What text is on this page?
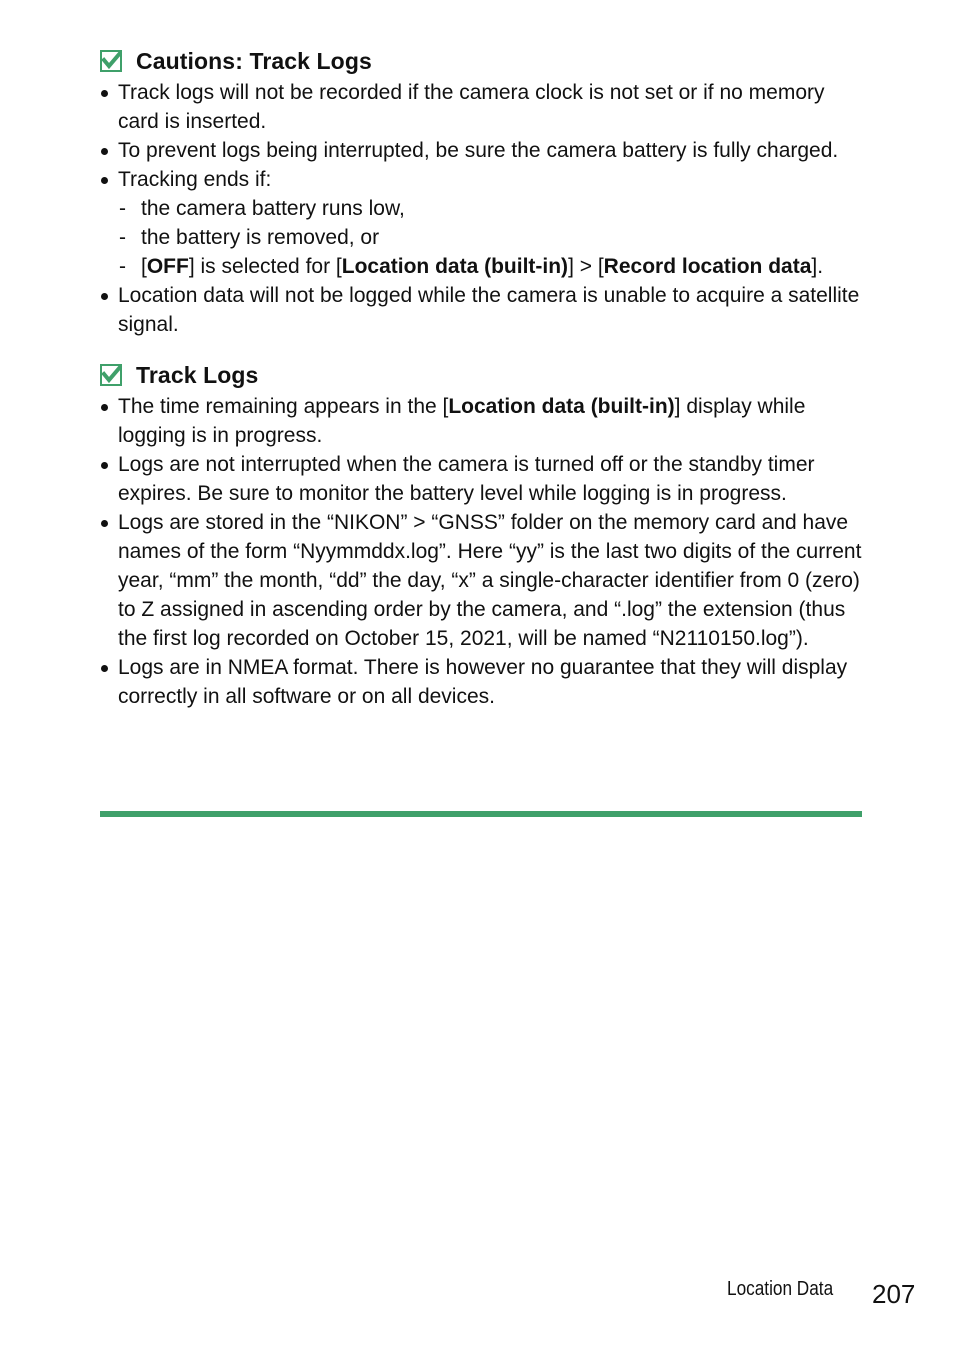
Cautions: Track Logs
Track logs will not be recorded if the camera clock is not set or if no memory card is inserted.
To prevent logs being interrupted, be sure the camera battery is fully charged.
Tracking ends if:
- the camera battery runs low,
- the battery is removed, or
- [OFF] is selected for [Location data (built-in)] > [Record location data].
Location data will not be logged while the camera is unable to acquire a satellite signal.
Track Logs
The time remaining appears in the [Location data (built-in)] display while logging is in progress.
Logs are not interrupted when the camera is turned off or the standby timer expires. Be sure to monitor the battery level while logging is in progress.
Logs are stored in the “NIKON” > “GNSS” folder on the memory card and have names of the form “Nyymmddx.log”. Here “yy” is the last two digits of the current year, “mm” the month, “dd” the day, “x” a single-character identifier from 0 (zero) to Z assigned in ascending order by the camera, and “.log” the extension (thus the first log recorded on October 15, 2021, will be named “N2110150.log”).
Logs are in NMEA format. There is however no guarantee that they will display correctly in all software or on all devices.
Location Data 207
